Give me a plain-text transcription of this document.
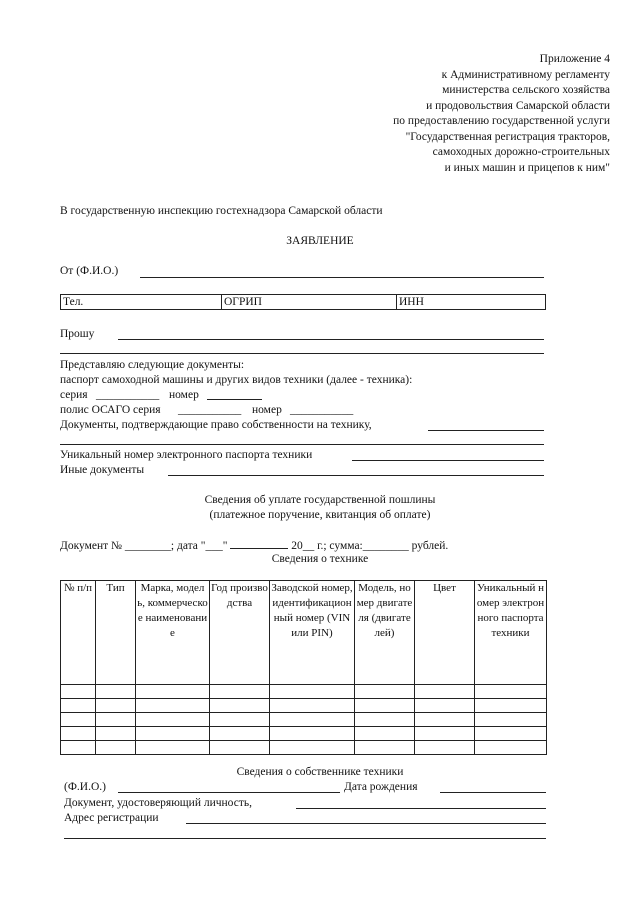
Приложение 4
к Административному регламенту
министерства сельского хозяйства
и продовольствия Самарской области
по предоставлению государственной услуги
"Государственная регистрация тракторов,
самоходных дорожно-строительных
и иных машин и прицепов к ним"
В государственную инспекцию гостехнадзора Самарской области
ЗАЯВЛЕНИЕ
От (Ф.И.О.)
Тел.	ОГРИП	ИНН
Прошу
Представляю следующие документы:
паспорт самоходной машины и других видов техники (далее - техника):
серия ___________ номер
полис ОСАГО серия ___________ номер ___________
Документы, подтверждающие право собственности на технику,
Уникальный номер электронного паспорта техники
Иные документы
Сведения об уплате государственной пошлины
(платежное поручение, квитанция об оплате)
Документ № ________; дата "___"	20__ г.; сумма:________ рублей.
Сведения о технике
№ п/п	Тип	Марка, модель, коммерческое наименование	Год производства	Заводской номер, идентификационный номер (VIN или PIN)	Модель, номер двигателя (двигателей)	Цвет	Уникальный номер электронного паспорта техники

Сведения о собственнике техники
(Ф.И.О.)	Дата рождения
Документ, удостоверяющий личность,
Адрес регистрации
